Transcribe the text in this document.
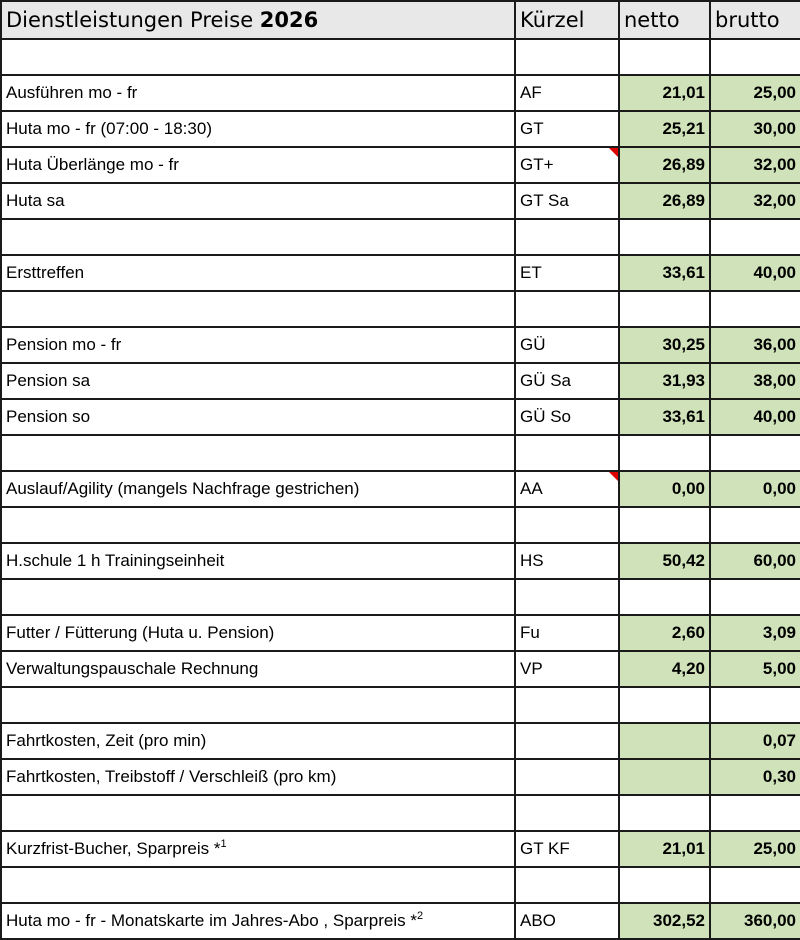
Dienstleistungen Preise 2026	Kürzel	netto	brutto

Ausführen mo - fr	AF	21,01	25,00
Huta mo - fr (07:00 - 18:30)	GT	25,21	30,00
Huta Überlänge mo - fr	GT+	26,89	32,00
Huta sa	GT Sa	26,89	32,00

Ersttreffen	ET	33,61	40,00

Pension mo - fr	GÜ	30,25	36,00
Pension sa	GÜ Sa	31,93	38,00
Pension so	GÜ So	33,61	40,00

Auslauf/Agility (mangels Nachfrage gestrichen)	AA	0,00	0,00

H.schule 1 h Trainingseinheit	HS	50,42	60,00

Futter / Fütterung (Huta u. Pension)	Fu	2,60	3,09
Verwaltungspauschale Rechnung	VP	4,20	5,00

Fahrtkosten, Zeit (pro min)			0,07
Fahrtkosten, Treibstoff / Verschleiß (pro km)			0,30

Kurzfrist-Bucher, Sparpreis *$^1$	GT KF	21,01	25,00

Huta mo - fr - Monatskarte im Jahres-Abo , Sparpreis *$^2$	ABO	302,52	360,00
